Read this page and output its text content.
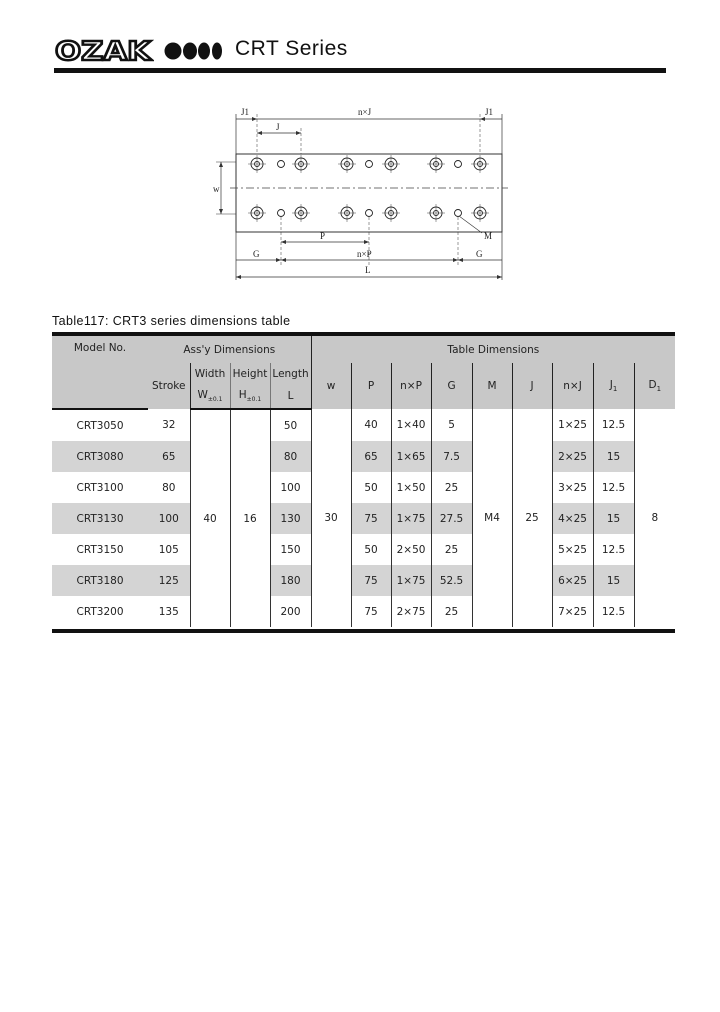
OZAK	CRT Series
J1	n×J	J1
J
w
P	M
G	n×P	G
L
Table117: CRT3 series dimensions table
Model No.	Ass'y Dimensions				Table Dimensions								
	Stroke	Width	Height	Length	w	P	n×P	G	M	J	n×J	$J_1$	$D_1$
		$W_{\pm 0.1}$	$H_{\pm 0.1}$	L									
CRT3050	32	40	16	50	30	40	1×40	5	M4	25	1×25	12.5	8
CRT3080	65			80		65	1×65	7.5			2×25	15	
CRT3100	80			100		50	1×50	25			3×25	12.5	
CRT3130	100			130		75	1×75	27.5			4×25	15	
CRT3150	105			150		50	2×50	25			5×25	12.5	
CRT3180	125			180		75	1×75	52.5			6×25	15	
CRT3200	135			200		75	2×75	25			7×25	12.5	
